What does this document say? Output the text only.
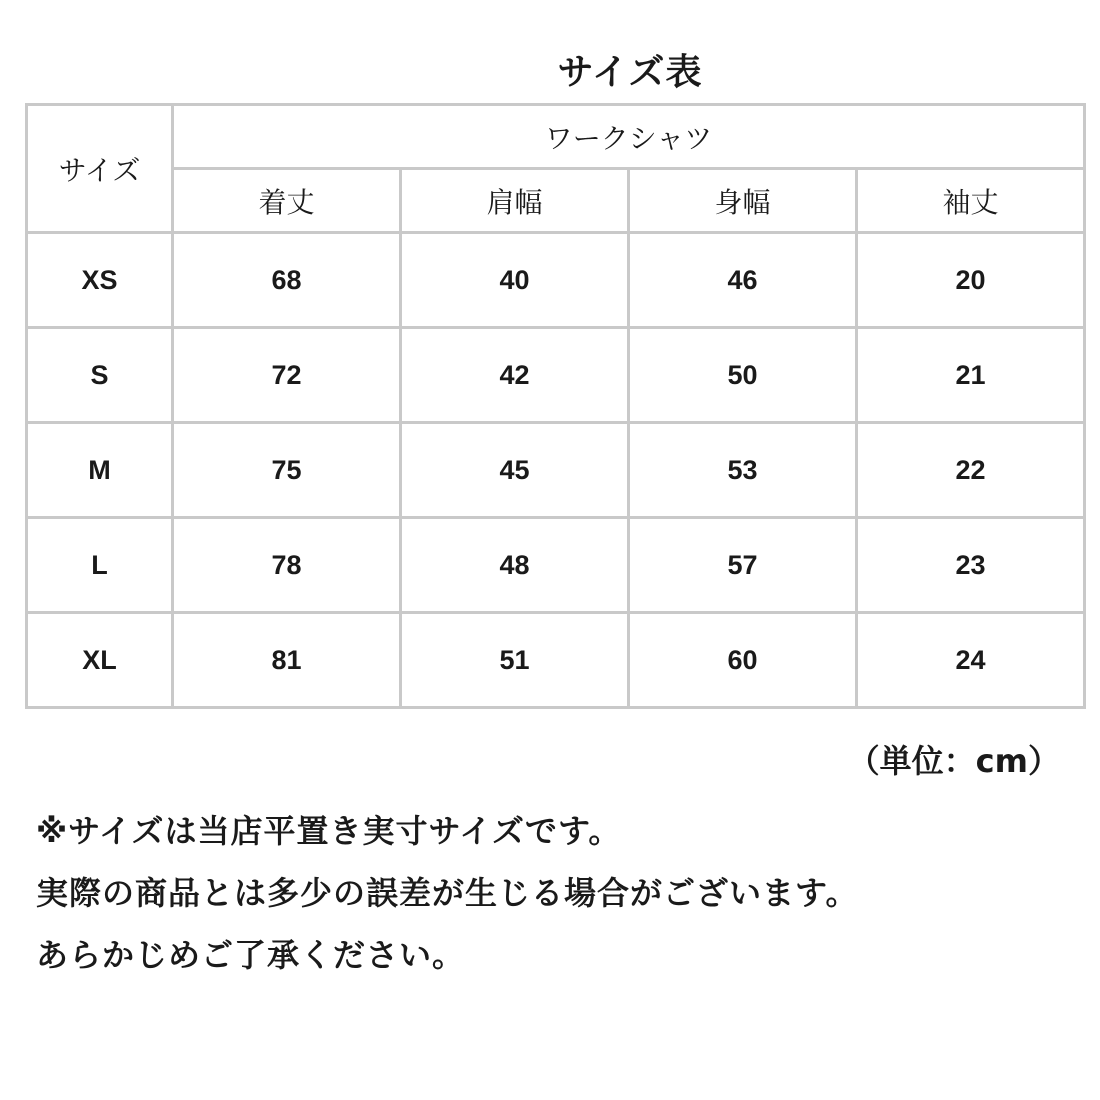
サイズ表
サイズ	ワークシャツ			
	着丈	肩幅	身幅	袖丈
XS	68	40	46	20
S	72	42	50	21
M	75	45	53	22
L	78	48	57	23
XL	81	51	60	24
（単位：cm）
※サイズは当店平置き実寸サイズです。
実際の商品とは多少の誤差が生じる場合がございます。
あらかじめご了承ください。
